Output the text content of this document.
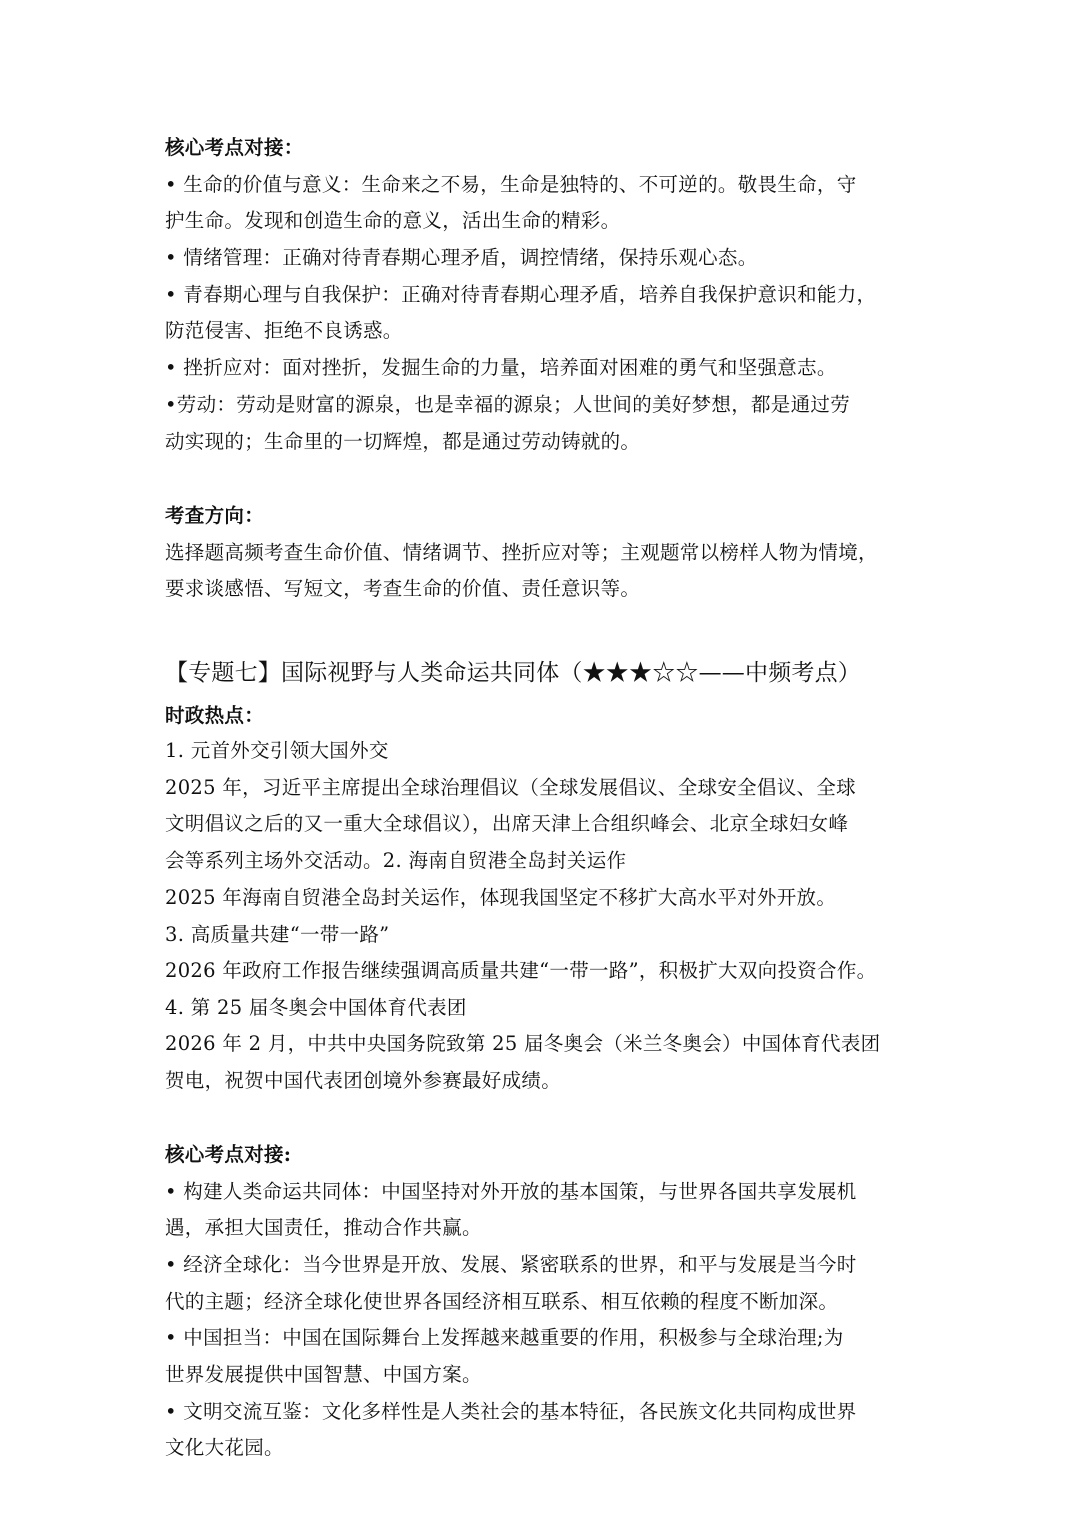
核心考点对接：
• 生命的价值与意义：生命来之不易，生命是独特的、不可逆的。敬畏生命，守
护生命。发现和创造生命的意义，活出生命的精彩。
• 情绪管理：正确对待青春期心理矛盾，调控情绪，保持乐观心态。
• 青春期心理与自我保护：正确对待青春期心理矛盾，培养自我保护意识和能力，
防范侵害、拒绝不良诱惑。
• 挫折应对：面对挫折，发掘生命的力量，培养面对困难的勇气和坚强意志。
•劳动：劳动是财富的源泉，也是幸福的源泉；人世间的美好梦想，都是通过劳
动实现的；生命里的一切辉煌，都是通过劳动铸就的。
考查方向：
选择题高频考查生命价值、情绪调节、挫折应对等；主观题常以榜样人物为情境，
要求谈感悟、写短文，考查生命的价值、责任意识等。
【专题七】国际视野与人类命运共同体（★★★☆☆——中频考点）
时政热点：
1. 元首外交引领大国外交
2025 年，习近平主席提出全球治理倡议（全球发展倡议、全球安全倡议、全球
文明倡议之后的又一重大全球倡议），出席天津上合组织峰会、北京全球妇女峰
会等系列主场外交活动。2. 海南自贸港全岛封关运作
2025 年海南自贸港全岛封关运作，体现我国坚定不移扩大高水平对外开放。
3. 高质量共建“一带一路”
2026 年政府工作报告继续强调高质量共建“一带一路”，积极扩大双向投资合作。
4. 第 25 届冬奥会中国体育代表团
2026 年 2 月，中共中央国务院致第 25 届冬奥会（米兰冬奥会）中国体育代表团
贺电，祝贺中国代表团创境外参赛最好成绩。
核心考点对接:
• 构建人类命运共同体：中国坚持对外开放的基本国策，与世界各国共享发展机
遇，承担大国责任，推动合作共赢。
• 经济全球化：当今世界是开放、发展、紧密联系的世界，和平与发展是当今时
代的主题；经济全球化使世界各国经济相互联系、相互依赖的程度不断加深。
• 中国担当：中国在国际舞台上发挥越来越重要的作用，积极参与全球治理;为
世界发展提供中国智慧、中国方案。
• 文明交流互鉴：文化多样性是人类社会的基本特征，各民族文化共同构成世界
文化大花园。
